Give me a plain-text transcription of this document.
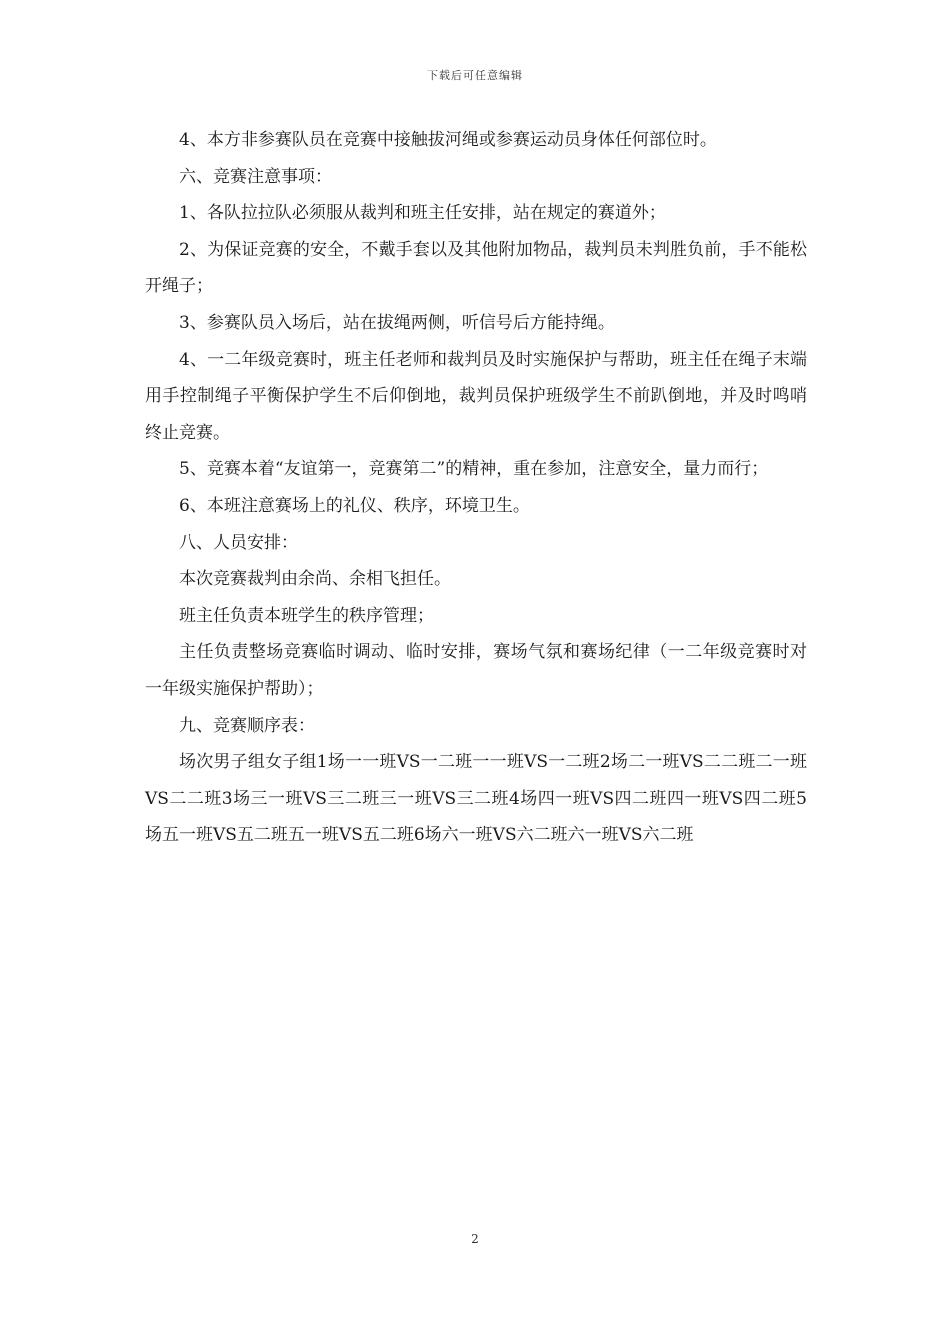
下载后可任意编辑

4、本方非参赛队员在竞赛中接触拔河绳或参赛运动员身体任何部位时。

六、竞赛注意事项：

1、各队拉拉队必须服从裁判和班主任安排，站在规定的赛道外；

2、为保证竞赛的安全，不戴手套以及其他附加物品，裁判员未判胜负前，手不能松开绳子；

3、参赛队员入场后，站在拔绳两侧，听信号后方能持绳。

4、一二年级竞赛时，班主任老师和裁判员及时实施保护与帮助，班主任在绳子末端用手控制绳子平衡保护学生不后仰倒地，裁判员保护班级学生不前趴倒地，并及时鸣哨终止竞赛。

5、竞赛本着“友谊第一，竞赛第二”的精神，重在参加，注意安全，量力而行；

6、本班注意赛场上的礼仪、秩序，环境卫生。

八、人员安排：

本次竞赛裁判由余尚、余相飞担任。

班主任负责本班学生的秩序管理；

主任负责整场竞赛临时调动、临时安排，赛场气氛和赛场纪律（一二年级竞赛时对一年级实施保护帮助）；

九、竞赛顺序表：

场次男子组女子组1场一一班VS一二班一一班VS一二班2场二一班VS二二班二一班VS二二班3场三一班VS三二班三一班VS三二班4场四一班VS四二班四一班VS四二班5场五一班VS五二班五一班VS五二班6场六一班VS六二班六一班VS六二班

2
